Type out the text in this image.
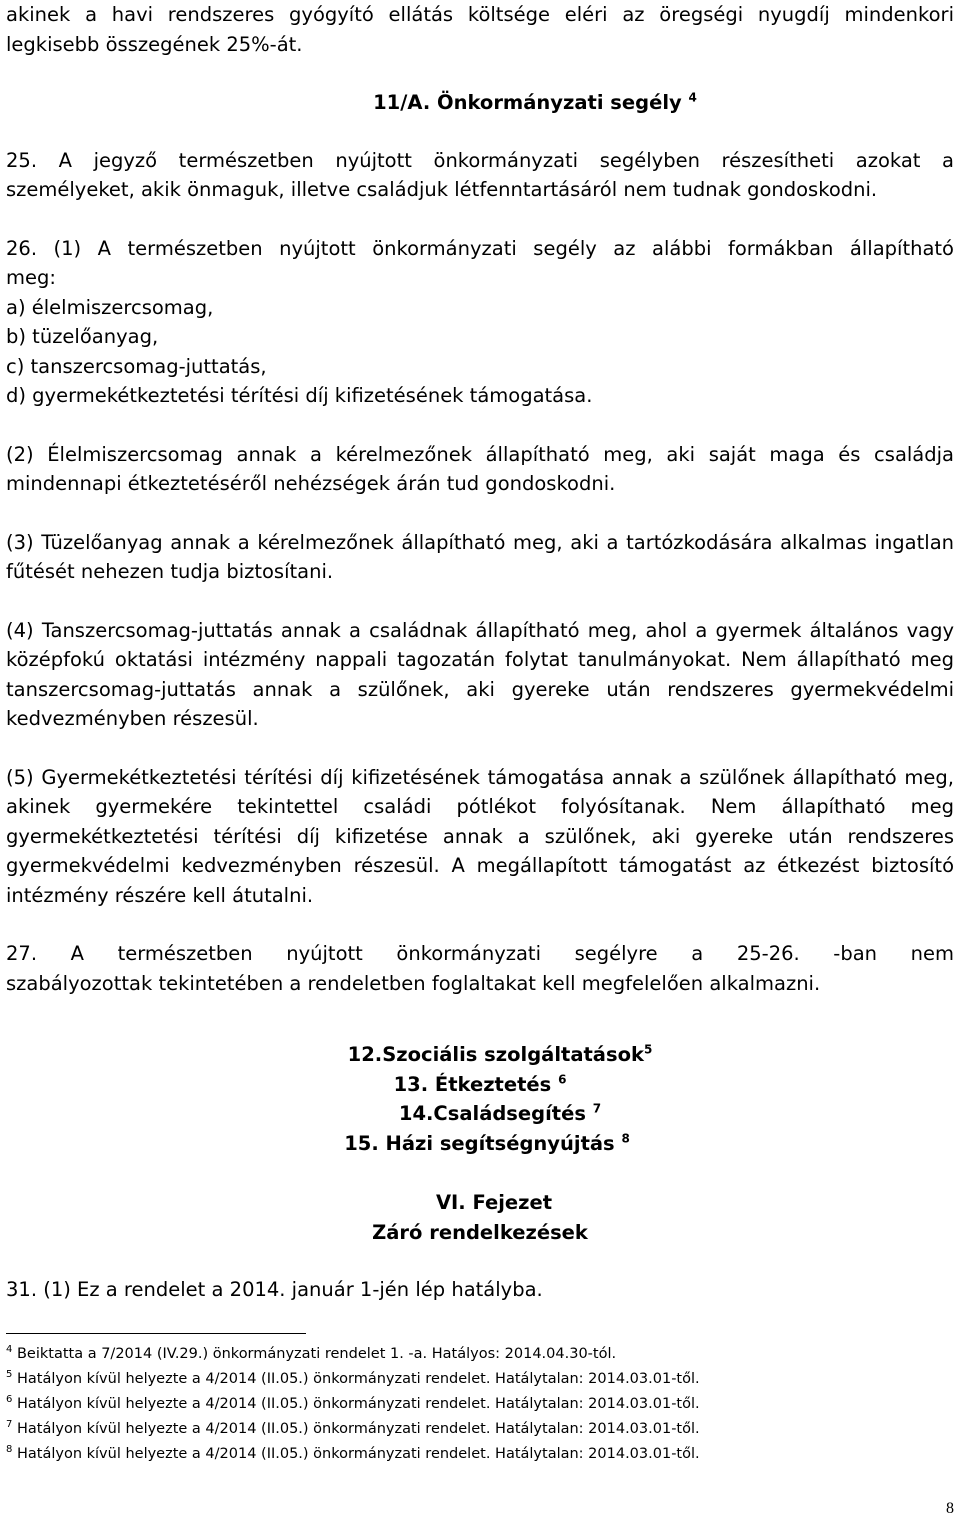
akinek a havi rendszeres gyógyító ellátás költsége eléri az öregségi nyugdíj mindenkori

legkisebb összegének 25%-át.

11/A. Önkormányzati segély $^4$

25. A jegyző természetben nyújtott önkormányzati segélyben részesítheti azokat a

személyeket, akik önmaguk, illetve családjuk létfenntartásáról nem tudnak gondoskodni.

26. (1) A természetben nyújtott önkormányzati segély az alábbi formákban állapítható

meg:

a) élelmiszercsomag,

b) tüzelőanyag,

c) tanszercsomag-juttatás,

d) gyermekétkeztetési térítési díj kifizetésének támogatása.

(2) Élelmiszercsomag annak a kérelmezőnek állapítható meg, aki saját maga és családja mindennapi étkeztetéséről nehézségek árán tud gondoskodni.

(3) Tüzelőanyag annak a kérelmezőnek állapítható meg, aki a tartózkodására alkalmas ingatlan fűtését nehezen tudja biztosítani.

(4) Tanszercsomag-juttatás annak a családnak állapítható meg, ahol a gyermek általános vagy középfokú oktatási intézmény nappali tagozatán folytat tanulmányokat. Nem állapítható meg tanszercsomag-juttatás annak a szülőnek, aki gyereke után rendszeres gyermekvédelmi kedvezményben részesül.

(5) Gyermekétkeztetési térítési díj kifizetésének támogatása annak a szülőnek állapítható meg, akinek gyermekére tekintettel családi pótlékot folyósítanak. Nem állapítható meg gyermekétkeztetési térítési díj kifizetése annak a szülőnek, aki gyereke után rendszeres gyermekvédelmi kedvezményben részesül. A megállapított támogatást az étkezést biztosító intézmény részére kell átutalni.

27. A természetben nyújtott önkormányzati segélyre a 25-26. -ban nem

szabályozottak tekintetében a rendeletben foglaltakat kell megfelelően alkalmazni.

12.Szociális szolgáltatások$^5$

13. Étkeztetés $^6$

14.Családsegítés $^7$

15. Házi segítségnyújtás $^8$

VI. Fejezet

Záró rendelkezések

31. (1) Ez a rendelet a 2014. január 1-jén lép hatályba.

$^4$ Beiktatta a 7/2014 (IV.29.) önkormányzati rendelet 1. -a. Hatályos: 2014.04.30-tól.

$^5$ Hatályon kívül helyezte a 4/2014 (II.05.) önkormányzati rendelet. Hatálytalan: 2014.03.01-től.

$^6$ Hatályon kívül helyezte a 4/2014 (II.05.) önkormányzati rendelet. Hatálytalan: 2014.03.01-től.

$^7$ Hatályon kívül helyezte a 4/2014 (II.05.) önkormányzati rendelet. Hatálytalan: 2014.03.01-től.

$^8$ Hatályon kívül helyezte a 4/2014 (II.05.) önkormányzati rendelet. Hatálytalan: 2014.03.01-től.

8
